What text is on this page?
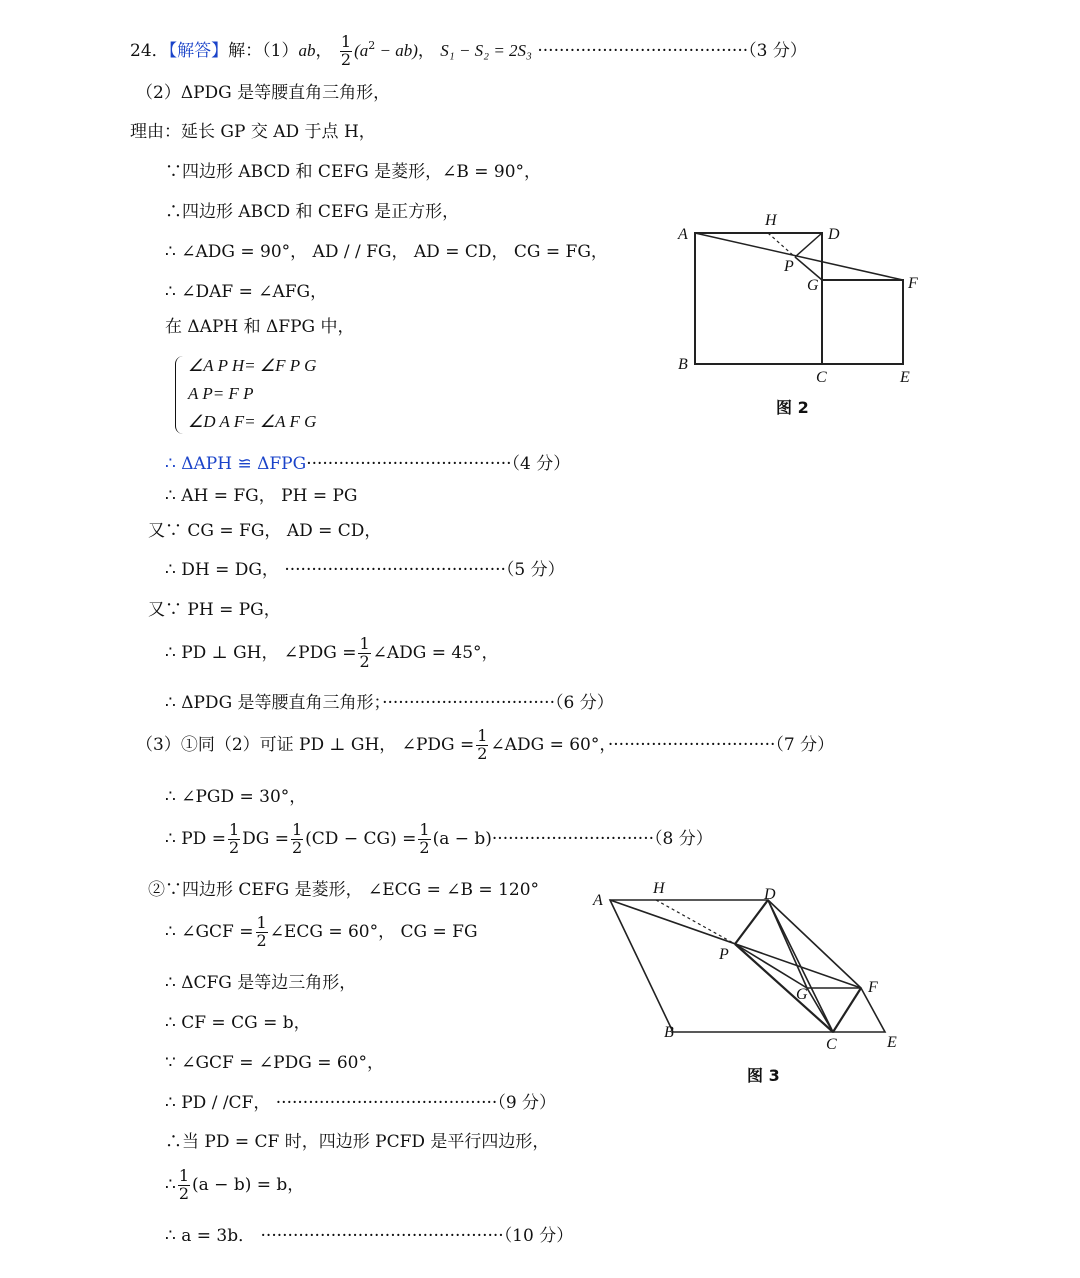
24．【解答】解：（1）ab， $\frac{1}{2} (a^2 - ab)$， S₁ − S₂ = 2S₃ ·······································（3 分）
（2）ΔPDG 是等腰直角三角形，
理由：延长 GP 交 AD 于点 H，
∵四边形 ABCD 和 CEFG 是菱形，∠B = 90°，
∴四边形 ABCD 和 CEFG 是正方形，
∴ ∠ADG = 90°， AD / / FG， AD = CD， CG = FG，
∴ ∠DAF = ∠AFG，
在 ΔAPH 和 ΔFPG 中，
∠A P H= ∠F P G
A P= F P
∠D A F= ∠A F G
∴ ΔAPH ≌ ΔFPG······································（4 分）
∴ AH = FG， PH = PG
又∵ CG = FG， AD = CD，
∴ DH = DG， ·········································（5 分）
又∵ PH = PG，
∴ PD ⊥ GH， ∠PDG = $\frac{1}{2}$ ∠ADG = 45°，
∴ ΔPDG 是等腰直角三角形；································（6 分）
（3）①同（2）可证 PD ⊥ GH， ∠PDG = $\frac{1}{2}$ ∠ADG = 60°，·······························（7 分）
∴ ∠PGD = 30°，
∴ PD = $\frac{1}{2}$ DG = $\frac{1}{2} (CD - CG) = \frac{1}{2} (a - b)\cdot\cdot\cdot\cdot\cdot\cdot\cdot\cdot\cdot\cdot\cdot\cdot\cdot\cdot\cdot\cdot\cdot\cdot\cdot\cdot\cdot\cdot\cdot\cdot\cdot\cdot\cdot\cdot\cdot\cdot(8$ 分）
②∵四边形 CEFG 是菱形， ∠ECG = ∠B = 120°
∴ ∠GCF = $\frac{1}{2}$ ∠ECG = 60°， CG = FG
∴ ΔCFG 是等边三角形，
∴ CF = CG = b，
∵ ∠GCF = ∠PDG = 60°，
∴ PD / /CF， ·········································（9 分）
∴当 PD = CF 时，四边形 PCFD 是平行四边形，
∴ $\frac{1}{2} (a - b) = b$，
∴ a = 3b． ·············································（10 分）
A
H
D
P
G	F
B
C	E
图 2
A
H	D
P
G	F
B
C	E
图 3
